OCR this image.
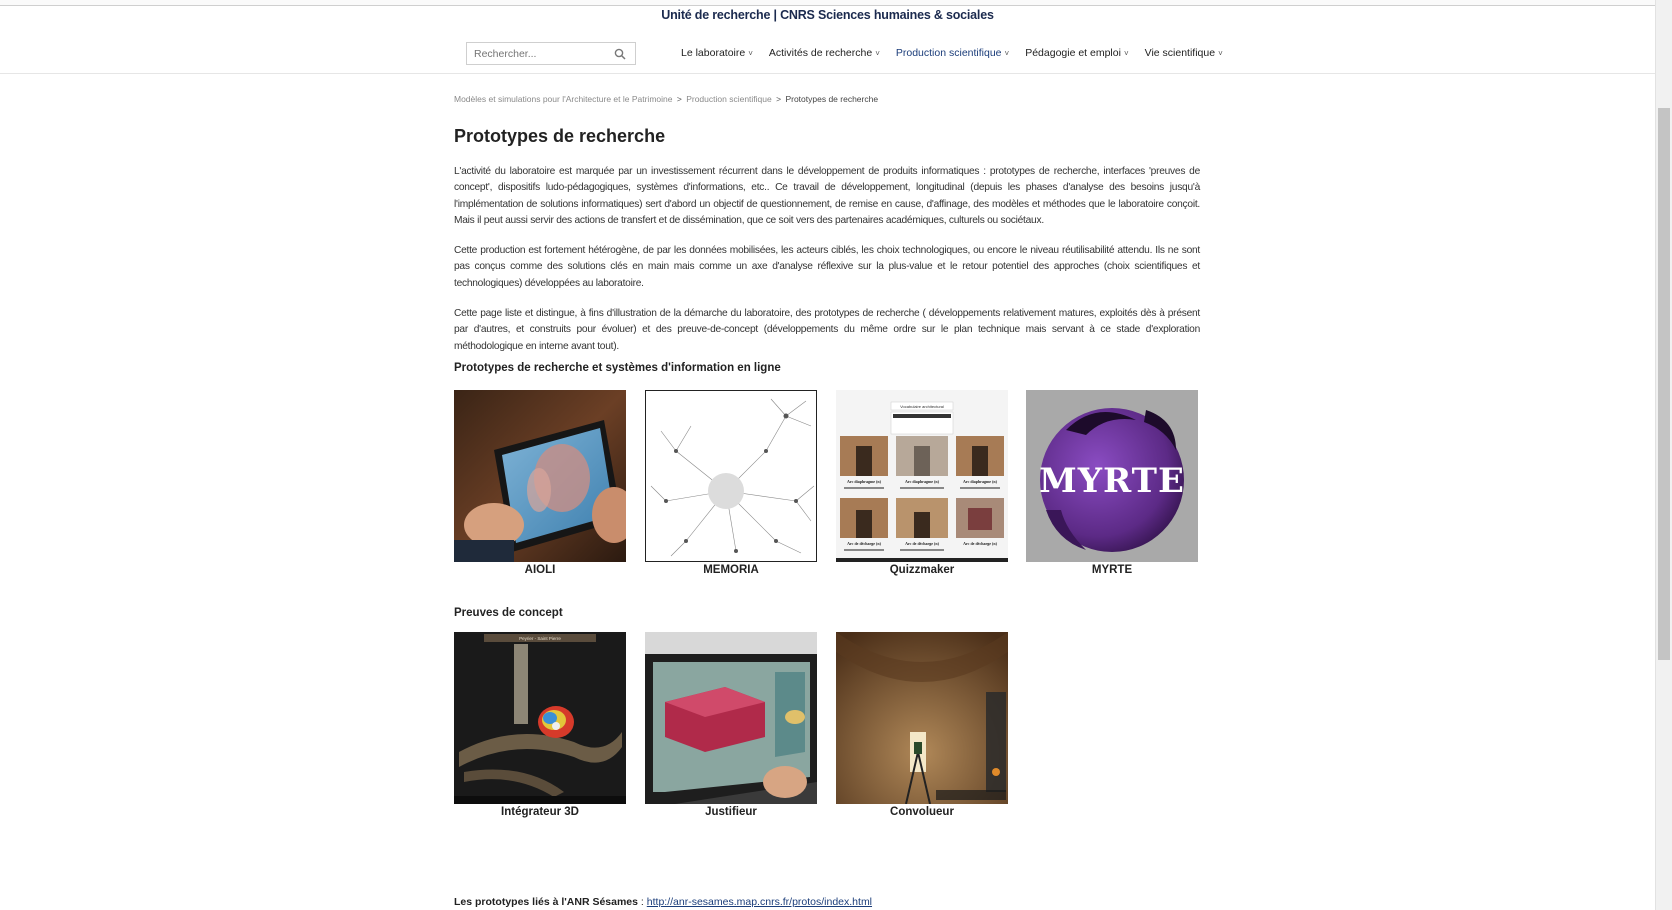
Unité de recherche | CNRS Sciences humaines & sociales
Rechercher...
Le laboratoire ˅ Activités de recherche ˅ Production scientifique ˅ Pédagogie et emploi ˅ Vie scientifique ˅
Modèles et simulations pour l'Architecture et le Patrimoine > Production scientifique > Prototypes de recherche
Prototypes de recherche

L'activité du laboratoire est marquée par un investissement récurrent dans le développement de produits informatiques : prototypes de recherche, interfaces 'preuves de concept', dispositifs ludo-pédagogiques, systèmes d'informations, etc.. Ce travail de développement, longitudinal (depuis les phases d'analyse des besoins jusqu'à l'implémentation de solutions informatiques) sert d'abord un objectif de questionnement, de remise en cause, d'affinage, des modèles et méthodes que le laboratoire conçoit. Mais il peut aussi servir des actions de transfert et de dissémination, que ce soit vers des partenaires académiques, culturels ou sociétaux.

Cette production est fortement hétérogène, de par les données mobilisées, les acteurs ciblés, les choix technologiques, ou encore le niveau réutilisabilité attendu. Ils ne sont pas conçus comme des solutions clés en main mais comme un axe d'analyse réflexive sur la plus-value et le retour potentiel des approches (choix scientifiques et technologiques) développées au laboratoire.

Cette page liste et distingue, à fins d'illustration de la démarche du laboratoire, des prototypes de recherche ( développements relativement matures, exploités dès à présent par d'autres, et construits pour évoluer) et des preuve-de-concept (développements du même ordre sur le plan technique mais servant à ce stade d'exploration méthodologique en interne avant tout).

Prototypes de recherche et systèmes d'information en ligne
AIOLI	MEMORIA
Vocabulaire architectural
Arc diaphragme (n)	Arc diaphragme (n)	Arc diaphragme (n)
Arc de décharge (n)	Arc de décharge (n)	Arc de décharge (n)
Quizzmaker
MYRTE
MYRTE
Preuves de concept
Peyrier - Saint Pierre
Intégrateur 3D	Justifieur	Convolueur
Les prototypes liés à l'ANR Sésames : http://anr-sesames.map.cnrs.fr/protos/index.html
